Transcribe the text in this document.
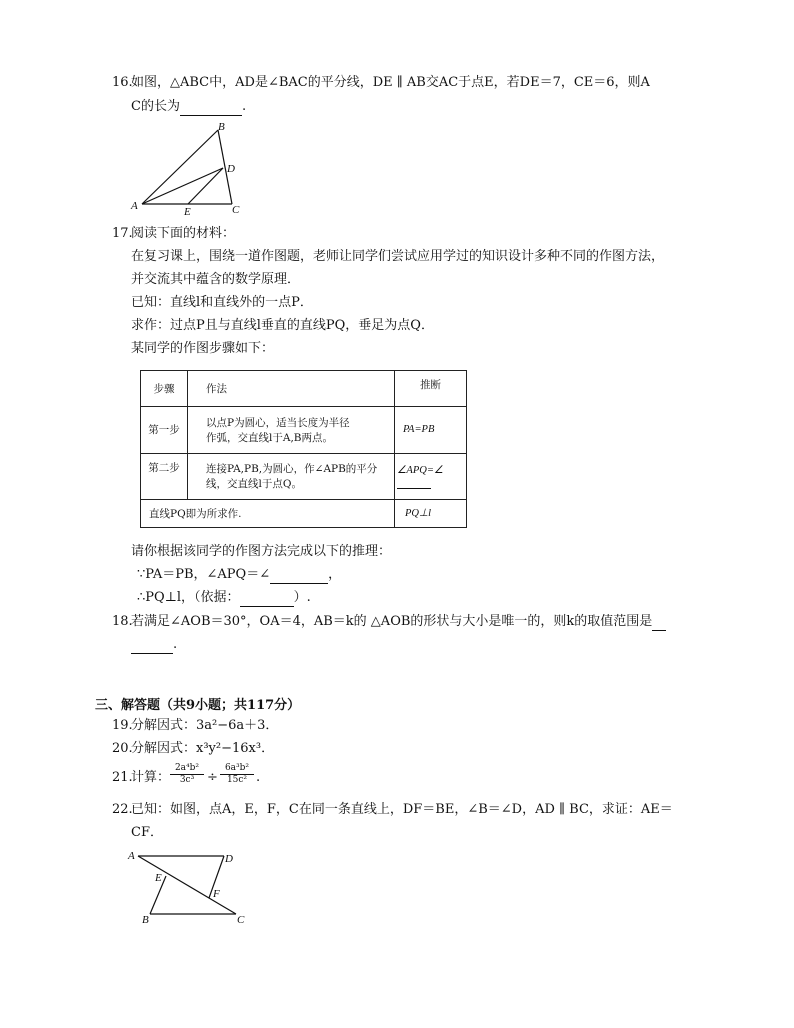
16.
如图，△ABC中，AD是∠BAC的平分线，DE ∥ AB交AC于点E，若DE＝7，CE＝6，则A
C的长为	.
A
B
C
D
E
17.
阅读下面的材料：
在复习课上，围绕一道作图题，老师让同学们尝试应用学过的知识设计多种不同的作图方法，
并交流其中蕴含的数学原理．
已知：直线l和直线外的一点P．
求作：过点P且与直线l垂直的直线PQ，垂足为点Q．
某同学的作图步骤如下：
步骤	作法	推断
第一步	以点P为圆心，适当长度为半径
作弧，交直线l于A,B两点。	PA=PB
第二步	连接PA,PB,为圆心，作∠APB的平分
线，交直线l于点Q。	∠APQ=∠
直线PQ即为所求作.		PQ⊥l
请你根据该同学的作图方法完成以下的推理：
∵PA＝PB，∠APQ＝∠	，
∴PQ⊥l，（依据：	）.
18.
若满足∠AOB＝30°，OA＝4，AB＝k的 △AOB的形状与大小是唯一的，则k的取值范围是
.
三、解答题（共9小题；共117分）
19.
分解因式：3a²−6a＋3．
20.
分解因式：x³y²−16x³．
21.
计算： $\frac{\text{2a⁴b²}}{\text{3c³}} \div \frac{\text{6a³b²}}{\text{15c²}}$ .
22.
已知：如图，点A，E，F，C在同一条直线上，DF＝BE，∠B＝∠D，AD ∥ BC，求证：AE＝
CF．
A	D
E
F
B	C
